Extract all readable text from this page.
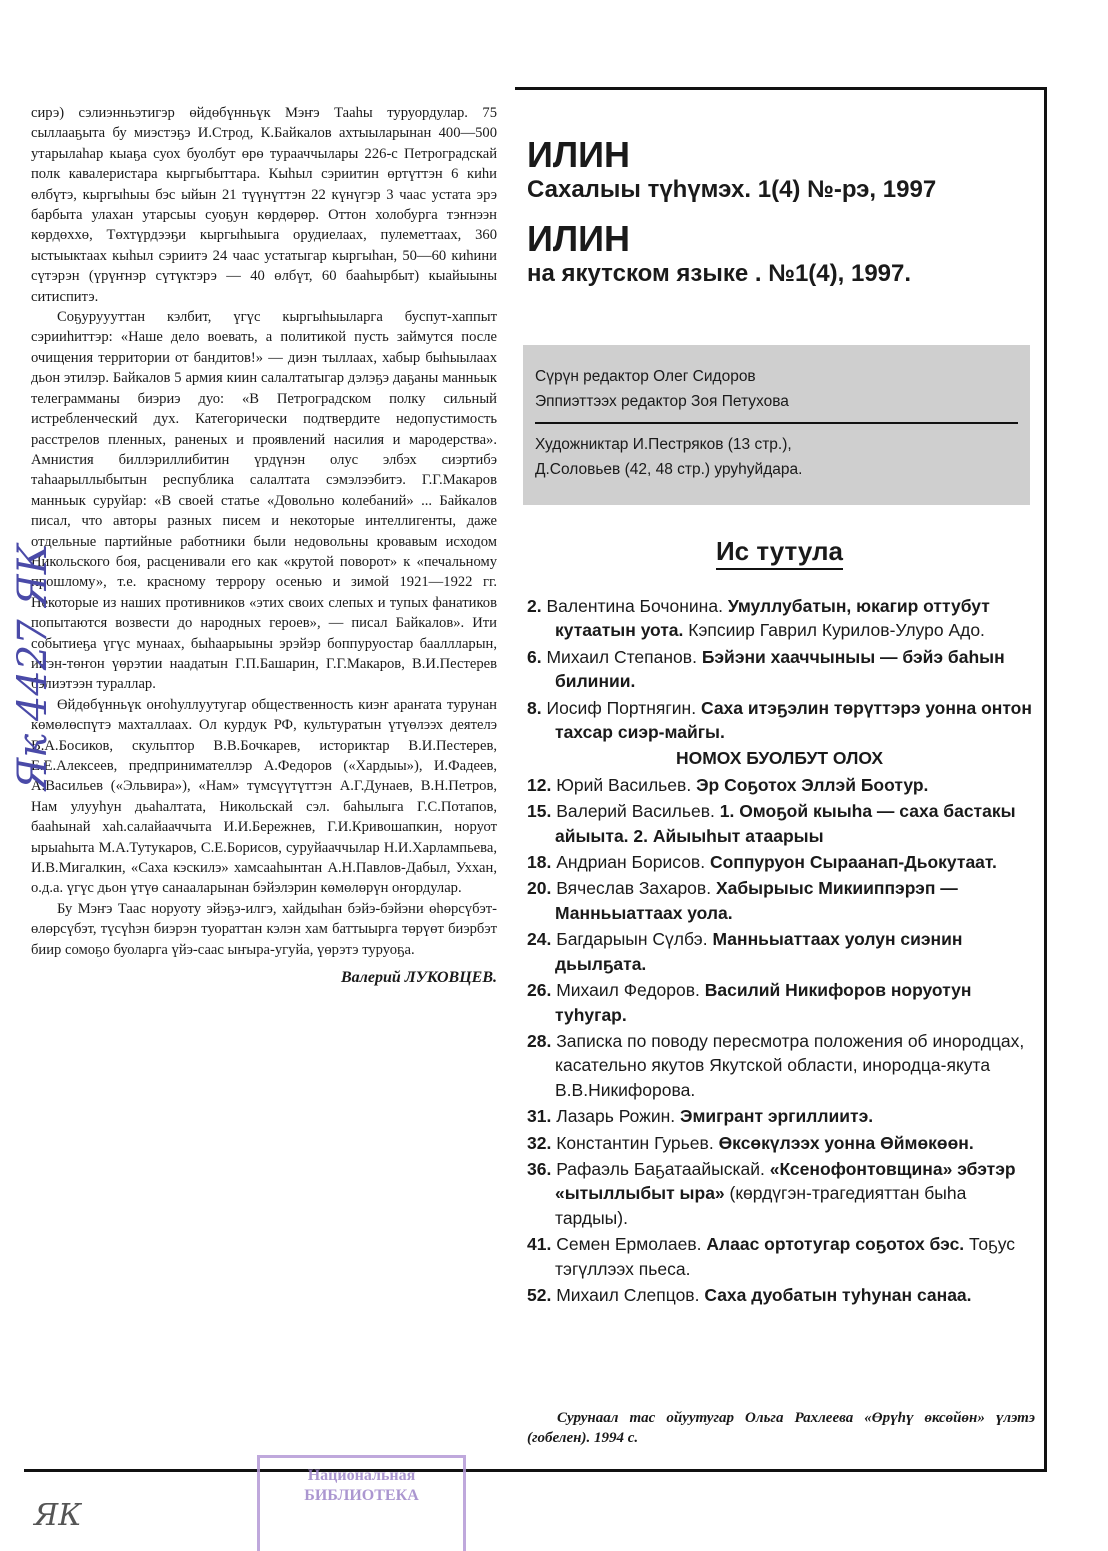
сирэ) сэлиэнньэтигэр өйдөбүнньүк Мэҥэ Тааһы туруордулар. 75 сыллааҕыта бу миэстэҕэ И.Строд, К.Байкалов ахтыыларынан 400—500 утарылаһар кыаҕа суох буолбут өрө турааччылары 226-с Петроградскай полк кавалеристара кыргыбыттара. Кыһыл сэриитин өртүттэн 6 киһи өлбүтэ, кыргыһыы бэс ыйын 21 түүнүттэн 22 күнүгэр 3 чаас устата эрэ барбыта улахан утарсыы суоҕун көрдөрөр. Оттон холобурга тэҥнээн көрдөххө, Төхтүрдээҕи кыргыһыыга орудиелаах, пулеметтаах, 360 ыстыыктаах кыһыл сэриитэ 24 чаас устатыгар кыргыһан, 50—60 киһини сүтэрэн (үрүҥнэр сүтүктэрэ — 40 өлбүт, 60 бааһырбыт) кыайыыны ситиспитэ.

Соҕуруууттан кэлбит, үгүс кыргыһыыларга буспут-хаппыт сэрииһиттэр: «Наше дело воевать, а политикой пусть займутся после очищения территории от бандитов!» — диэн тыллаах, хабыр быһыылаах дьон этилэр. Байкалов 5 армия киин салалтатыгар дэлэҕэ даҕаны манньык телеграмманы биэриэ дуо: «В Петроградском полку сильный истребленческий дух. Категорически подтвердите недопустимость расстрелов пленных, раненых и проявлений насилия и мародерства». Амнистия биллэриллибитин үрдүнэн олус элбэх сиэртибэ таһаарыллыбытын республика салалтата сэмэлээбитэ. Г.Г.Макаров манньык суруйар: «В своей статье «Довольно колебаний» ... Байкалов писал, что авторы разных писем и некоторые интеллигенты, даже отдельные партийные работники были недовольны кровавым исходом Никольского боя, расценивали его как «крутой поворот» к «печальному прошлому», т.е. красному террору осенью и зимой 1921—1922 гг. Некоторые из наших противников «этих своих слепых и тупых фанатиков попытаются возвести до народных героев», — писал Байкалов». Ити событиеҕа үгүс мунаах, быһаарыыны эрэйэр боппуруостар бааллларын, иҥэн-төҥон үөрэтии наадатын Г.П.Башарин, Г.Г.Макаров, В.И.Пестерев бэлиэтээн тураллар.

Өйдөбүнньүк оҥоһуллуутугар общественность киэҥ араҥата турунан көмөлөспүтэ махталлаах. Ол курдук РФ, культуратын үтүөлээх деятелэ В.А.Босиков, скульптор В.В.Бочкарев, историктар В.И.Пестерев, Е.Е.Алексеев, предпринимателлэр А.Федоров («Хардыы»), И.Фадеев, А.Васильев («Эльвира»), «Нам» түмсүүтүттэн А.Г.Дунаев, В.Н.Петров, Нам улууһун дьаһалтата, Никольскай сэл. баһылыга Г.С.Потапов, бааһынай хаһ.салайааччыта И.И.Бережнев, Г.И.Кривошапкин, норуот ырыаһыта М.А.Тутукаров, С.Е.Борисов, суруйааччылар Н.И.Харлампьева, И.В.Мигалкин, «Саха кэскилэ» хамсааһынтан А.Н.Павлов-Дабыл, Уххан, о.д.а. үгүс дьон үтүө санааларынан бэйэлэрин көмөлөрүн оҥордулар.

Бу Мэҥэ Таас норуоту эйэҕэ-илгэ, хайдыһан бэйэ-бэйэни өһөрсүбэт-өлөрсүбэт, түсүһэн биэрэн туораттан кэлэн хам баттыырга төрүөт биэрбэт биир сомоҕо буоларга үйэ-саас ыҥыра-угуйа, үөрэтэ туруоҕа.

Валерий ЛУКОВЦЕВ.
ИЛИН
Сахалыы түһүмэх. 1(4) №-рэ, 1997
ИЛИН
на якутском языке . №1(4), 1997.
Сүрүн редактор Олег Сидоров
Эппиэттээх редактор Зоя Петухова
Художниктар И.Пестряков (13 стр.),
Д.Соловьев (42, 48 стр.) уруһуйдара.
Ис тутула
2. Валентина Бочонина. Умуллубатын, юкагир оттубут кутаатын уота. Кэпсиир Гаврил Курилов-Улуро Адо.
6. Михаил Степанов. Бэйэни хааччыныы — бэйэ баһын билинии.
8. Иосиф Портнягин. Саха итэҕэлин төрүттэрэ уонна онтон тахсар сиэр-майгы.
НОМОХ БУОЛБУТ ОЛОХ
12. Юрий Васильев. Эр Соҕотох Эллэй Боотур.
15. Валерий Васильев. 1. Омоҕой кыыһа — саха бастакы айыыта. 2. Айыыһыт атаарыы
18. Андриан Борисов. Соппуруон Сыраанап-Дьокутаат.
20. Вячеслав Захаров. Хабырыыс Микииппэрэп — Манньыаттаах уола.
24. Багдарыын Сүлбэ. Манньыаттаах уолун сиэнин дьылҕата.
26. Михаил Федоров. Василий Никифоров норуотун туһугар.
28. Записка по поводу пересмотра положения об инородцах, касательно якутов Якутской области, инородца-якута В.В.Никифорова.
31. Лазарь Рожин. Эмигрант эргиллиитэ.
32. Константин Гурьев. Өксөкүлээх уонна Өймөкөөн.
36. Рафаэль Баҕатаайыскай. «Ксенофонтовщина» эбэтэр «ытыллыбыт ыра» (көрдүгэн-трагедияттан быһа тардыы).
41. Семен Ермолаев. Алаас ортотугар соҕотох бэс. Тоҕус тэгүллээх пьеса.
52. Михаил Слепцов. Саха дуобатын туһунан санаа.
Сурунаал тас ойуутугар Ольга Рахлеева «Өрүһү өксөйөн» үлэтэ (гобелен). 1994 с.
Национальная
БИБЛИОТЕКА
Як 4427 ЯК
ЯК
